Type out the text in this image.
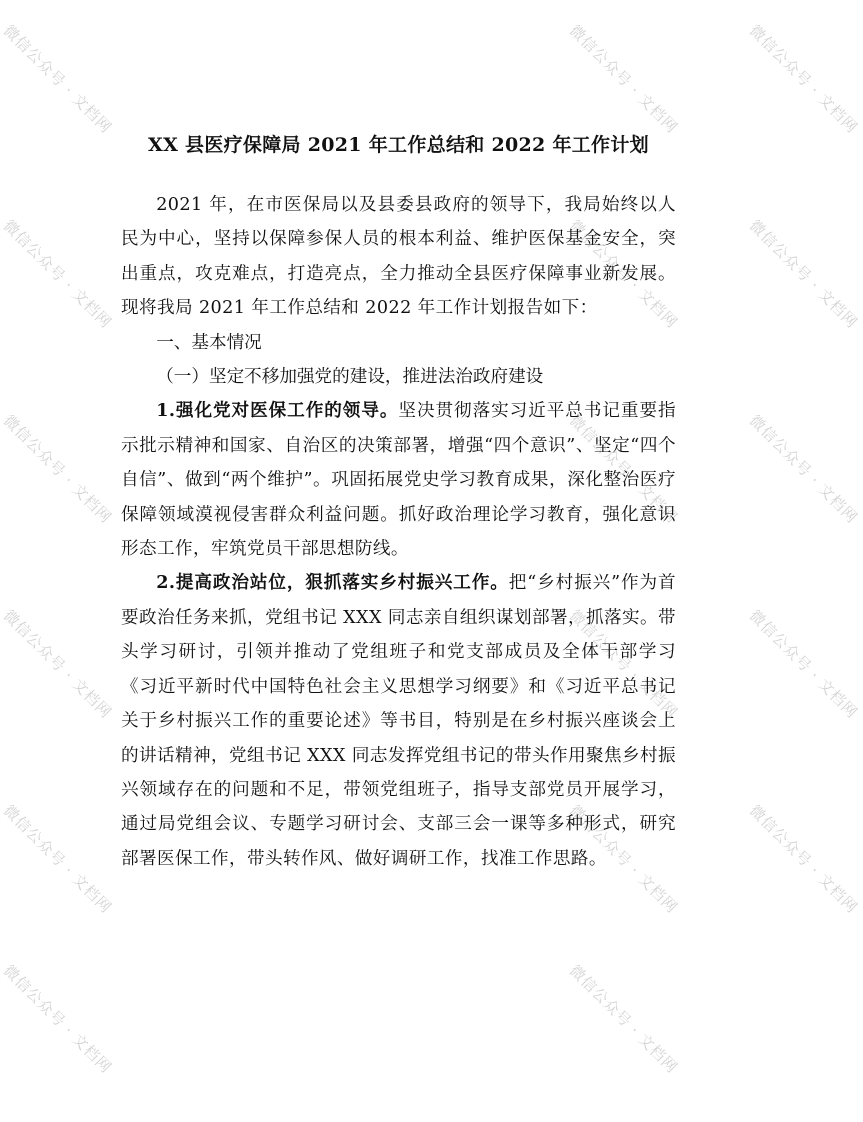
微信公众号 · 文档网	微信公众号 · 文档网
微信公众号 · 文档网	微信公众号 · 文档网
微信公众号 · 文档网	微信公众号 · 文档网
微信公众号 · 文档网	微信公众号 · 文档网
微信公众号 · 文档网	微信公众号 · 文档网
微信公众号 · 文档网	微信公众号 · 文档网
微信公众号 · 文档网
微信公众号 · 文档网
微信公众号 · 文档网
微信公众号 · 文档网
微信公众号 · 文档网
XX 县医疗保障局 2021 年工作总结和 2022 年工作计划

2021 年，在市医保局以及县委县政府的领导下，我局始终以人民为中心，坚持以保障参保人员的根本利益、维护医保基金安全，突出重点，攻克难点，打造亮点，全力推动全县医疗保障事业新发展。现将我局 2021 年工作总结和 2022 年工作计划报告如下：

一、基本情况

（一）坚定不移加强党的建设，推进法治政府建设

1.强化党对医保工作的领导。坚决贯彻落实习近平总书记重要指示批示精神和国家、自治区的决策部署，增强“四个意识”、坚定“四个自信”、做到“两个维护”。巩固拓展党史学习教育成果，深化整治医疗保障领域漠视侵害群众利益问题。抓好政治理论学习教育，强化意识形态工作，牢筑党员干部思想防线。

2.提高政治站位，狠抓落实乡村振兴工作。把“乡村振兴”作为首要政治任务来抓，党组书记 XXX 同志亲自组织谋划部署，抓落实。带头学习研讨，引领并推动了党组班子和党支部成员及全体干部学习《习近平新时代中国特色社会主义思想学习纲要》和《习近平总书记关于乡村振兴工作的重要论述》等书目，特别是在乡村振兴座谈会上的讲话精神，党组书记 XXX 同志发挥党组书记的带头作用聚焦乡村振兴领域存在的问题和不足，带领党组班子，指导支部党员开展学习，通过局党组会议、专题学习研讨会、支部三会一课等多种形式，研究部署医保工作，带头转作风、做好调研工作，找准工作思路。
